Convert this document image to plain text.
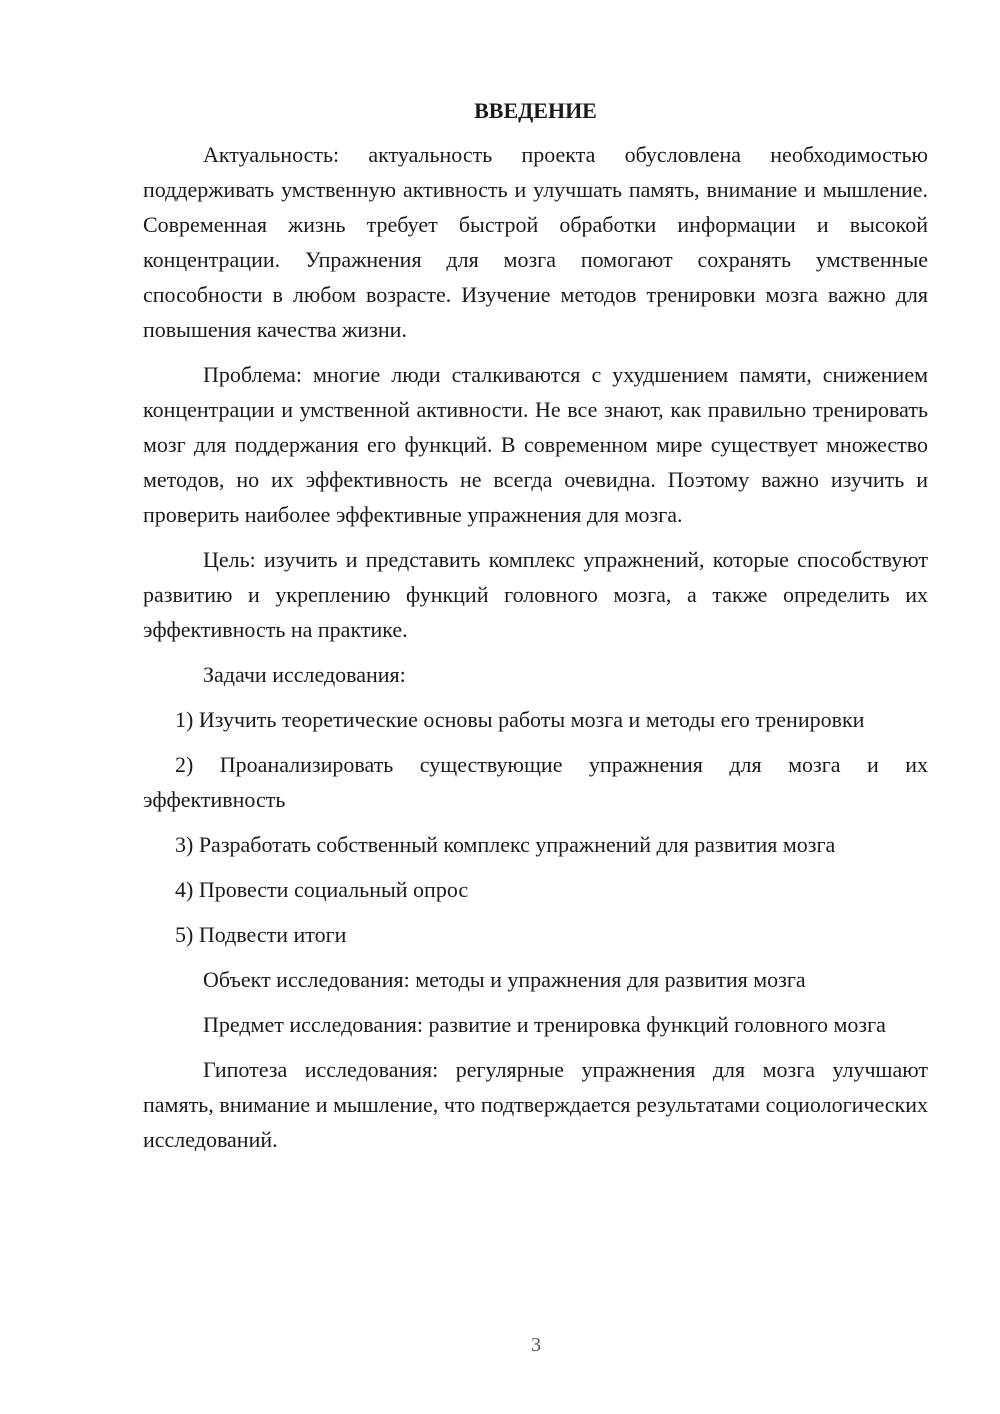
ВВЕДЕНИЕ

Актуальность: актуальность проекта обусловлена необходимостью поддерживать умственную активность и улучшать память, внимание и мышление. Современная жизнь требует быстрой обработки информации и высокой концентрации. Упражнения для мозга помогают сохранять умственные способности в любом возрасте. Изучение методов тренировки мозга важно для повышения качества жизни.

Проблема: многие люди сталкиваются с ухудшением памяти, снижением концентрации и умственной активности. Не все знают, как правильно тренировать мозг для поддержания его функций. В современном мире существует множество методов, но их эффективность не всегда очевидна. Поэтому важно изучить и проверить наиболее эффективные упражнения для мозга.

Цель: изучить и представить комплекс упражнений, которые способствуют развитию и укреплению функций головного мозга, а также определить их эффективность на практике.

Задачи исследования:

1) Изучить теоретические основы работы мозга и методы его тренировки

2) Проанализировать существующие упражнения для мозга и их эффективность

3) Разработать собственный комплекс упражнений для развития мозга

4) Провести социальный опрос

5) Подвести итоги

Объект исследования: методы и упражнения для развития мозга

Предмет исследования: развитие и тренировка функций головного мозга

Гипотеза исследования: регулярные упражнения для мозга улучшают память, внимание и мышление, что подтверждается результатами социологических исследований.

3
